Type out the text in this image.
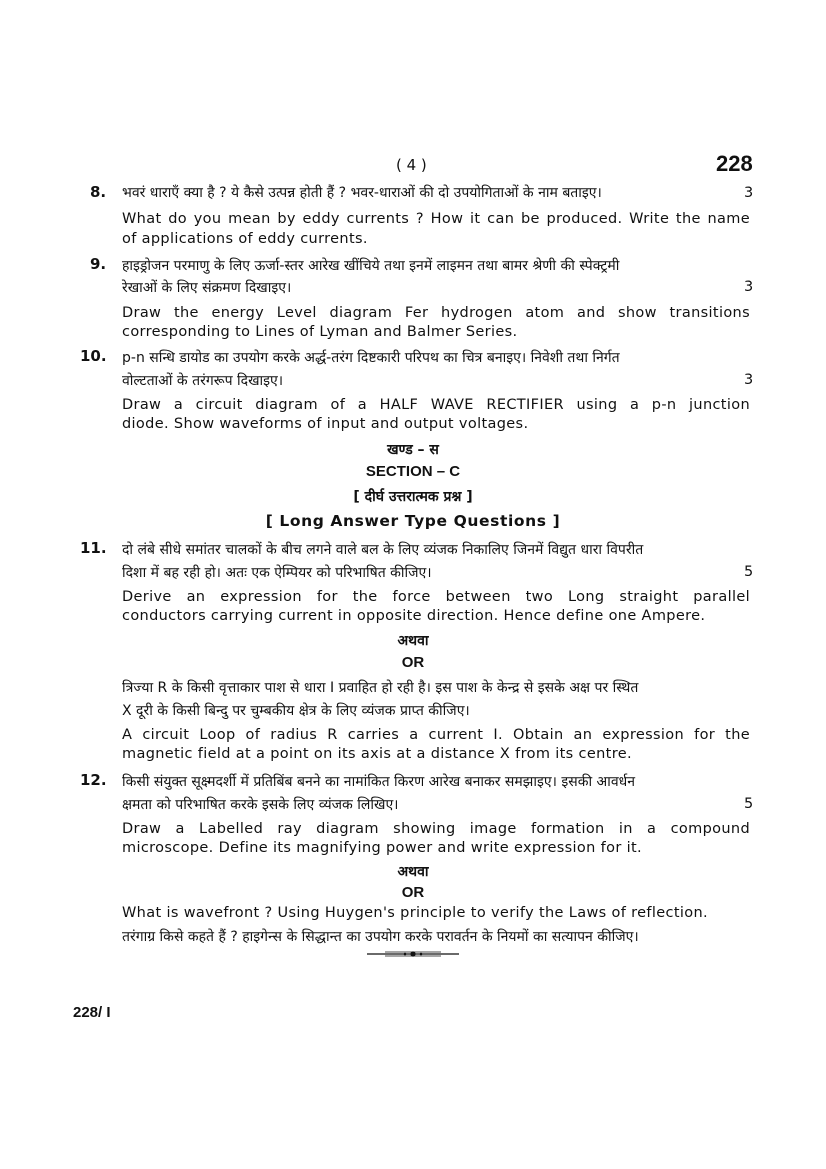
( 4 )	228
8. भवरं धाराएँ क्या है ? ये कैसे उत्पन्न होती हैं ? भवर-धाराओं की दो उपयोगिताओं के नाम बताइए।	3
What do you mean by eddy currents ? How it can be produced. Write the name
of applications of eddy currents.
9. हाइड्रोजन परमाणु के लिए ऊर्जा-स्तर आरेख खींचिये तथा इनमें लाइमन तथा बामर श्रेणी की स्पेक्ट्रमी
रेखाओं के लिए संक्रमण दिखाइए।	3
Draw the energy Level diagram Fer hydrogen atom and show transitions
corresponding to Lines of Lyman and Balmer Series.
10. p-n सन्धि डायोड का उपयोग करके अर्द्ध-तरंग दिष्टकारी परिपथ का चित्र बनाइए। निवेशी तथा निर्गत
वोल्टताओं के तरंगरूप दिखाइए।	3
Draw a circuit diagram of a HALF WAVE RECTIFIER using a p-n junction
diode. Show waveforms of input and output voltages.
खण्ड – स
SECTION – C
[ दीर्घ उत्तरात्मक प्रश्न ]
[ Long Answer Type Questions ]
11. दो लंबे सीधे समांतर चालकों के बीच लगने वाले बल के लिए व्यंजक निकालिए जिनमें विद्युत धारा विपरीत
दिशा में बह रही हो। अतः एक ऐम्पियर को परिभाषित कीजिए।	5
Derive an expression for the force between two Long straight parallel
conductors carrying current in opposite direction. Hence define one Ampere.
अथवा
OR
त्रिज्या R के किसी वृत्ताकार पाश से धारा I प्रवाहित हो रही है। इस पाश के केन्द्र से इसके अक्ष पर स्थित
X दूरी के किसी बिन्दु पर चुम्बकीय क्षेत्र के लिए व्यंजक प्राप्त कीजिए।
A circuit Loop of radius R carries a current I. Obtain an expression for the
magnetic field at a point on its axis at a distance X from its centre.
12. किसी संयुक्त सूक्ष्मदर्शी में प्रतिबिंब बनने का नामांकित किरण आरेख बनाकर समझाइए। इसकी आवर्धन
क्षमता को परिभाषित करके इसके लिए व्यंजक लिखिए।	5
Draw a Labelled ray diagram showing image formation in a compound
microscope. Define its magnifying power and write expression for it.
अथवा
OR
What is wavefront ? Using Huygen's principle to verify the Laws of reflection.
तरंगाग्र किसे कहते हैं ? हाइगेन्स के सिद्धान्त का उपयोग करके परावर्तन के नियमों का सत्यापन कीजिए।
228/ I
